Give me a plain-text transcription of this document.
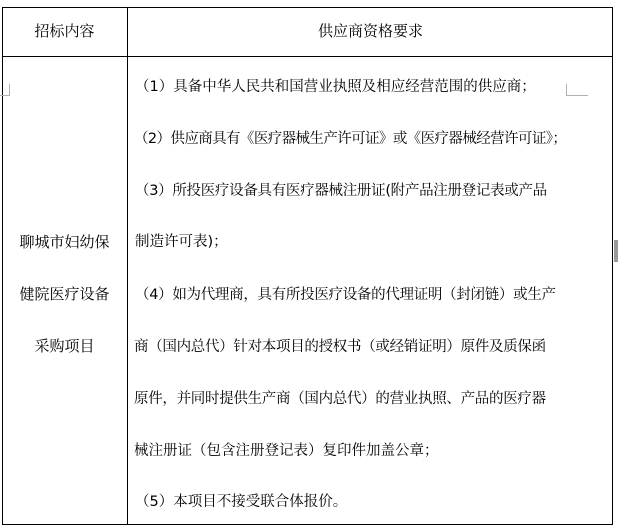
招标内容	供应商资格要求
聊城市妇幼保
健院医疗设备
采购项目
（1）具备中华人民共和国营业执照及相应经营范围的供应商；
（2）供应商具有《医疗器械生产许可证》或《医疗器械经营许可证》；
（3）所投医疗设备具有医疗器械注册证(附产品注册登记表或产品
制造许可表)；
（4）如为代理商，具有所投医疗设备的代理证明（封闭链）或生产
商（国内总代）针对本项目的授权书（或经销证明）原件及质保函
原件，并同时提供生产商（国内总代）的营业执照、产品的医疗器
械注册证（包含注册登记表）复印件加盖公章；
（5）本项目不接受联合体报价。
